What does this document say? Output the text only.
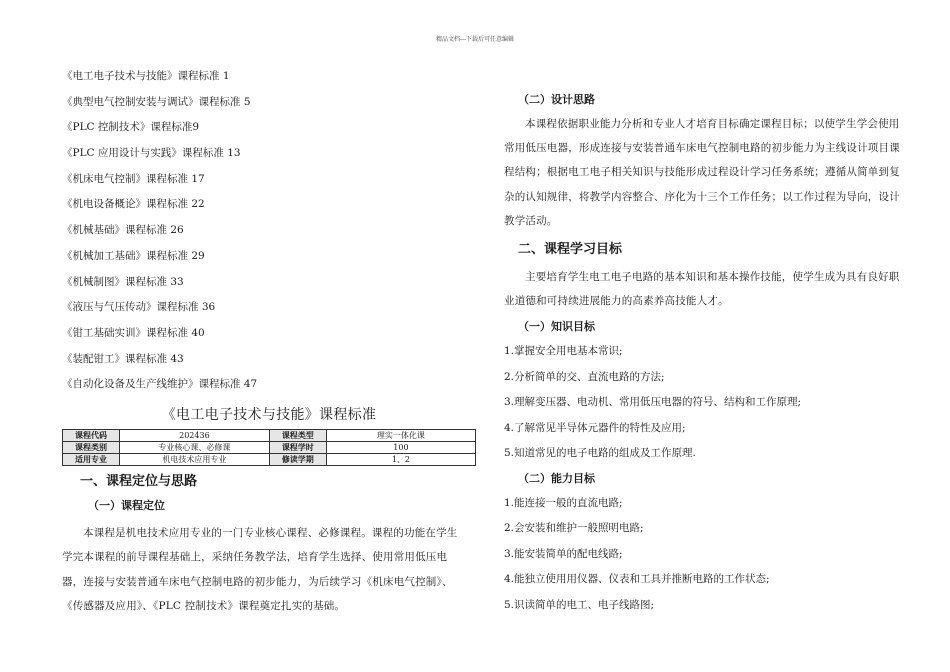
精品文档---下载后可任意编辑
《电工电子技术与技能》课程标准 1
《典型电气控制安装与调试》课程标准 5
《PLC 控制技术》课程标准9
《PLC 应用设计与实践》课程标准 13
《机床电气控制》课程标准 17
《机电设备概论》课程标准 22
《机械基础》课程标准 26
《机械加工基础》课程标准 29
《机械制图》课程标准 33
《液压与气压传动》课程标准 36
《钳工基础实训》课程标准 40
《装配钳工》课程标准 43
《自动化设备及生产线维护》课程标准 47
《电工电子技术与技能》课程标准
课程代码	202436	课程类型	理实一体化课
课程类别	专业核心课、必修课	课程学时	100
适用专业	机电技术应用专业	修读学期	1、2
一、课程定位与思路
（一）课程定位
本课程是机电技术应用专业的一门专业核心课程、必修课程。课程的功能在学生学完本课程的前导课程基础上，采纳任务教学法，培育学生选择、使用常用低压电器，连接与安装普通车床电气控制电路的初步能力，为后续学习《机床电气控制》、《传感器及应用》、《PLC 控制技术》课程奠定扎实的基础。
（二）设计思路
本课程依据职业能力分析和专业人才培育目标确定课程目标；以使学生学会使用常用低压电器，形成连接与安装普通车床电气控制电路的初步能力为主线设计项目课程结构；根据电工电子相关知识与技能形成过程设计学习任务系统；遵循从简单到复杂的认知规律，将教学内容整合、序化为十三个工作任务；以工作过程为导向，设计教学活动。
二、课程学习目标
主要培育学生电工电子电路的基本知识和基本操作技能，使学生成为具有良好职业道德和可持续进展能力的高素养高技能人才。
（一）知识目标
1.掌握安全用电基本常识;
2.分析简单的交、直流电路的方法;
3.理解变压器、电动机、常用低压电器的符号、结构和工作原理;
4.了解常见半导体元器件的特性及应用;
5.知道常见的电子电路的组成及工作原理.
（二）能力目标
1.能连接一般的直流电路;
2.会安装和维护一般照明电路;
3.能安装简单的配电线路;
4.能独立使用用仪器、仪表和工具并推断电路的工作状态;
5.识读简单的电工、电子线路图;
